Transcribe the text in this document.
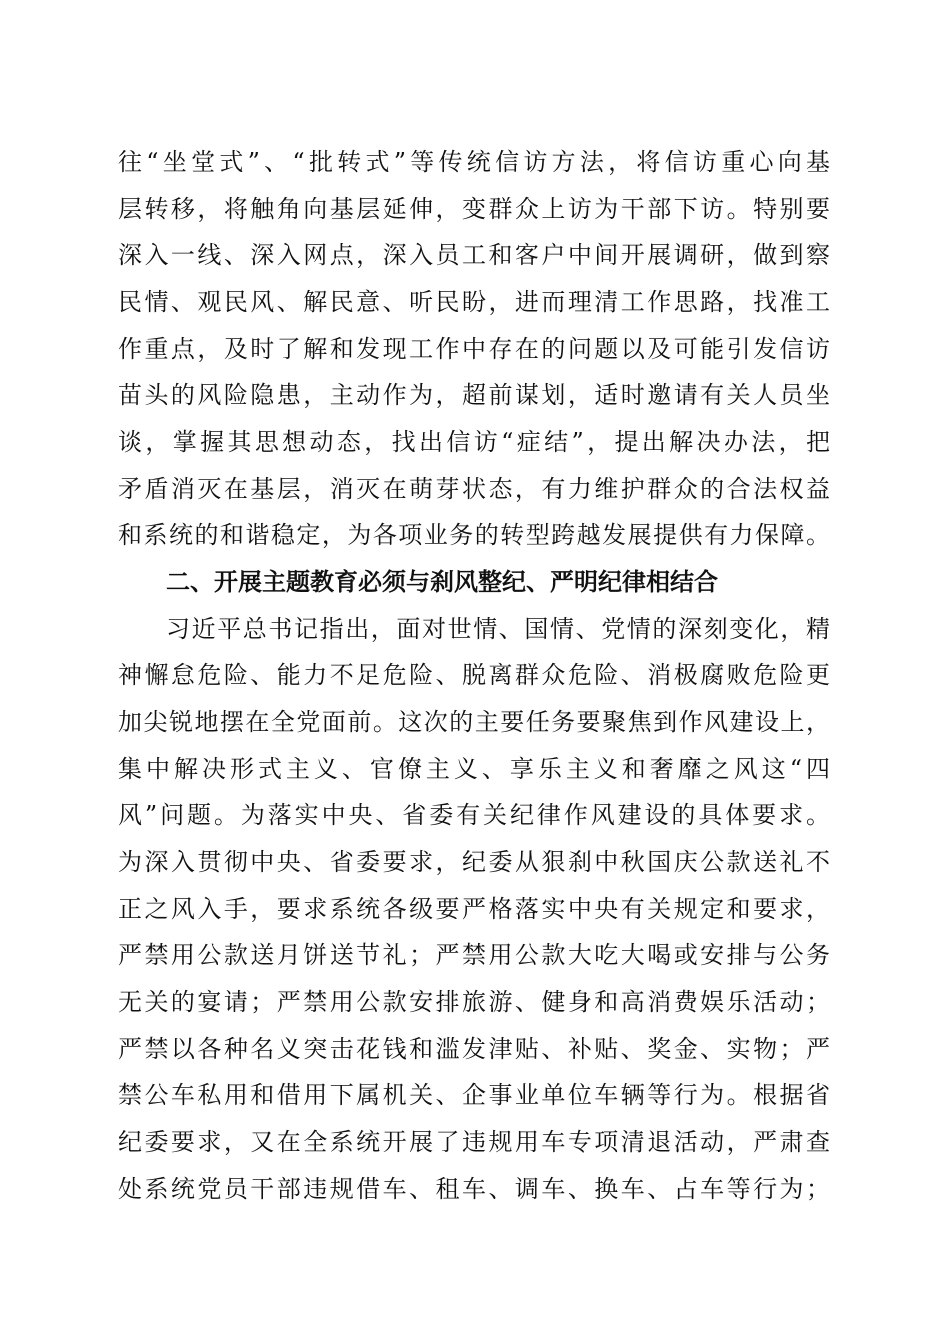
往“坐堂式”、“批转式”等传统信访方法，将信访重心向基
层转移，将触角向基层延伸，变群众上访为干部下访。特别要
深入一线、深入网点，深入员工和客户中间开展调研，做到察
民情、观民风、解民意、听民盼，进而理清工作思路，找准工
作重点，及时了解和发现工作中存在的问题以及可能引发信访
苗头的风险隐患，主动作为，超前谋划，适时邀请有关人员坐
谈，掌握其思想动态，找出信访“症结”，提出解决办法，把
矛盾消灭在基层，消灭在萌芽状态，有力维护群众的合法权益
和系统的和谐稳定，为各项业务的转型跨越发展提供有力保障。
二、开展主题教育必须与刹风整纪、严明纪律相结合
习近平总书记指出，面对世情、国情、党情的深刻变化，精
神懈怠危险、能力不足危险、脱离群众危险、消极腐败危险更
加尖锐地摆在全党面前。这次的主要任务要聚焦到作风建设上，
集中解决形式主义、官僚主义、享乐主义和奢靡之风这“四
风”问题。为落实中央、省委有关纪律作风建设的具体要求。
为深入贯彻中央、省委要求，纪委从狠刹中秋国庆公款送礼不
正之风入手，要求系统各级要严格落实中央有关规定和要求，
严禁用公款送月饼送节礼；严禁用公款大吃大喝或安排与公务
无关的宴请；严禁用公款安排旅游、健身和高消费娱乐活动；
严禁以各种名义突击花钱和滥发津贴、补贴、奖金、实物；严
禁公车私用和借用下属机关、企事业单位车辆等行为。根据省
纪委要求，又在全系统开展了违规用车专项清退活动，严肃查
处系统党员干部违规借车、租车、调车、换车、占车等行为；
